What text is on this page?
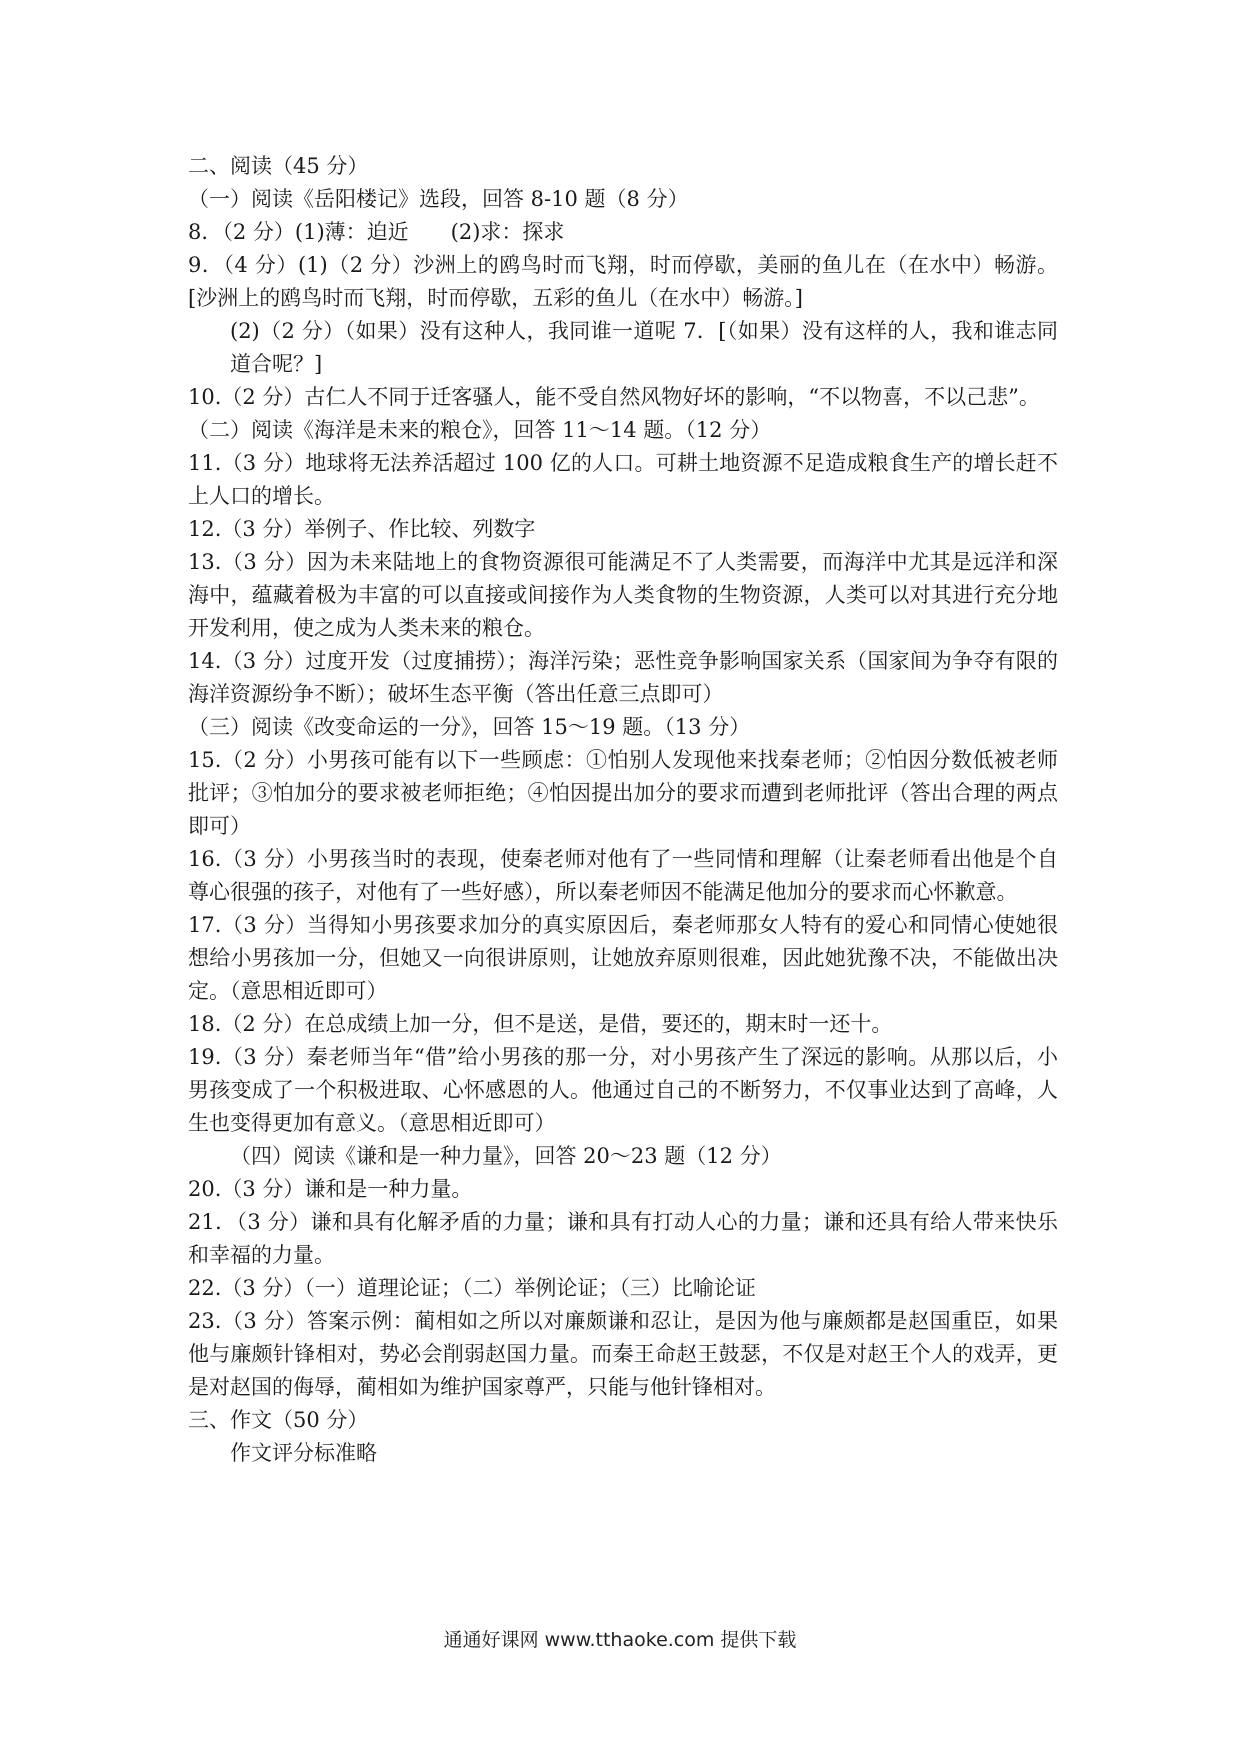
二、阅读（45 分）

（一）阅读《岳阳楼记》选段，回答 8-10 题（8 分）

8．（2 分）(1)薄：迫近　　(2)求：探求

9．（4 分）(1)（2 分）沙洲上的鸥鸟时而飞翔，时而停歇，美丽的鱼儿在（在水中）畅游。[沙洲上的鸥鸟时而飞翔，时而停歇，五彩的鱼儿（在水中）畅游。]

(2)（2 分）（如果）没有这种人，我同谁一道呢 7．[（如果）没有这样的人，我和谁志同道合呢？]

10.（2 分）古仁人不同于迁客骚人，能不受自然风物好坏的影响，“不以物喜，不以己悲”。

（二）阅读《海洋是未来的粮仓》，回答 11～14 题。（12 分）

11.（3 分）地球将无法养活超过 100 亿的人口。可耕土地资源不足造成粮食生产的增长赶不上人口的增长。

12.（3 分）举例子、作比较、列数字

13.（3 分）因为未来陆地上的食物资源很可能满足不了人类需要，而海洋中尤其是远洋和深海中，蕴藏着极为丰富的可以直接或间接作为人类食物的生物资源，人类可以对其进行充分地开发利用，使之成为人类未来的粮仓。

14.（3 分）过度开发（过度捕捞）；海洋污染；恶性竞争影响国家关系（国家间为争夺有限的海洋资源纷争不断）；破坏生态平衡（答出任意三点即可）

（三）阅读《改变命运的一分》，回答 15～19 题。（13 分）

15.（2 分）小男孩可能有以下一些顾虑：①怕别人发现他来找秦老师；②怕因分数低被老师批评；③怕加分的要求被老师拒绝；④怕因提出加分的要求而遭到老师批评（答出合理的两点即可）

16.（3 分）小男孩当时的表现，使秦老师对他有了一些同情和理解（让秦老师看出他是个自尊心很强的孩子，对他有了一些好感），所以秦老师因不能满足他加分的要求而心怀歉意。

17.（3 分）当得知小男孩要求加分的真实原因后，秦老师那女人特有的爱心和同情心使她很想给小男孩加一分，但她又一向很讲原则，让她放弃原则很难，因此她犹豫不决，不能做出决定。（意思相近即可）

18.（2 分）在总成绩上加一分，但不是送，是借，要还的，期末时一还十。

19.（3 分）秦老师当年“借”给小男孩的那一分，对小男孩产生了深远的影响。从那以后，小男孩变成了一个积极进取、心怀感恩的人。他通过自己的不断努力，不仅事业达到了高峰，人生也变得更加有意义。（意思相近即可）

（四）阅读《谦和是一种力量》，回答 20～23 题（12 分）

20.（3 分）谦和是一种力量。

21．（3 分）谦和具有化解矛盾的力量；谦和具有打动人心的力量；谦和还具有给人带来快乐和幸福的力量。

22.（3 分）（一）道理论证；（二）举例论证；（三）比喻论证

23.（3 分）答案示例：蔺相如之所以对廉颇谦和忍让，是因为他与廉颇都是赵国重臣，如果他与廉颇针锋相对，势必会削弱赵国力量。而秦王命赵王鼓瑟，不仅是对赵王个人的戏弄，更是对赵国的侮辱，蔺相如为维护国家尊严，只能与他针锋相对。

三、作文（50 分）

作文评分标准略

通通好课网 www.tthaoke.com 提供下载
